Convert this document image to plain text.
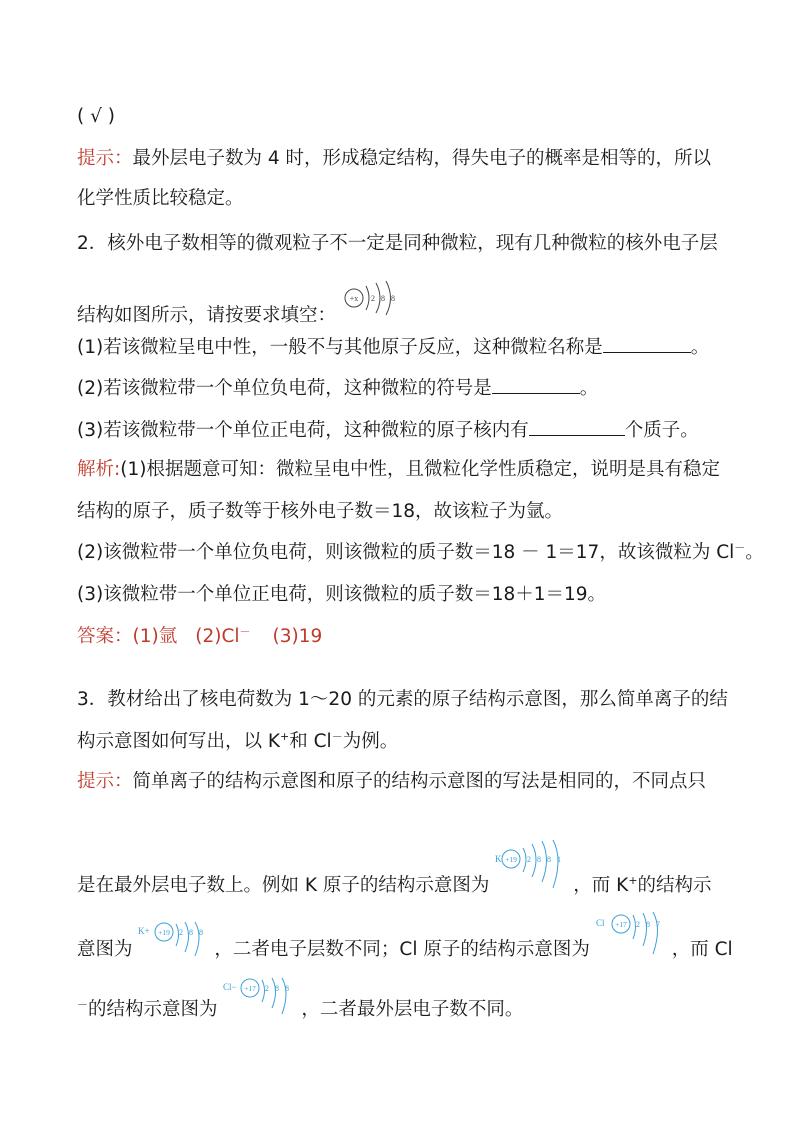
( √ )
提示：最外层电子数为 4 时，形成稳定结构，得失电子的概率是相等的，所以
化学性质比较稳定。
2．核外电子数相等的微观粒子不一定是同种微粒，现有几种微粒的核外电子层
结构如图所示，请按要求填空：
+x 2 8 8
(1)若该微粒呈电中性，一般不与其他原子反应，这种微粒名称是	。
(2)若该微粒带一个单位负电荷，这种微粒的符号是	。
(3)若该微粒带一个单位正电荷，这种微粒的原子核内有	个质子。
解析:(1)根据题意可知：微粒呈电中性，且微粒化学性质稳定，说明是具有稳定
结构的原子，质子数等于核外电子数＝18，故该粒子为氩。
(2)该微粒带一个单位负电荷，则该微粒的质子数＝18 － 1＝17，故该微粒为 Cl－。
(3)该微粒带一个单位正电荷，则该微粒的质子数＝18＋1＝19。
答案：(1)氩 (2)Cl－ (3)19
3．教材给出了核电荷数为 1～20 的元素的原子结构示意图，那么简单离子的结
构示意图如何写出，以 K+和 Cl－为例。
提示：简单离子的结构示意图和原子的结构示意图的写法是相同的，不同点只
是在最外层电子数上。例如 K 原子的结构示意图为
K +19 2 8 8 1
，而 K+的结构示
意图为
K+ +19 2 8 8
，二者电子层数不同；Cl 原子的结构示意图为
Cl +17 2 8 7
，而 Cl
－的结构示意图为
Cl− +17 2 8 8
，二者最外层电子数不同。
